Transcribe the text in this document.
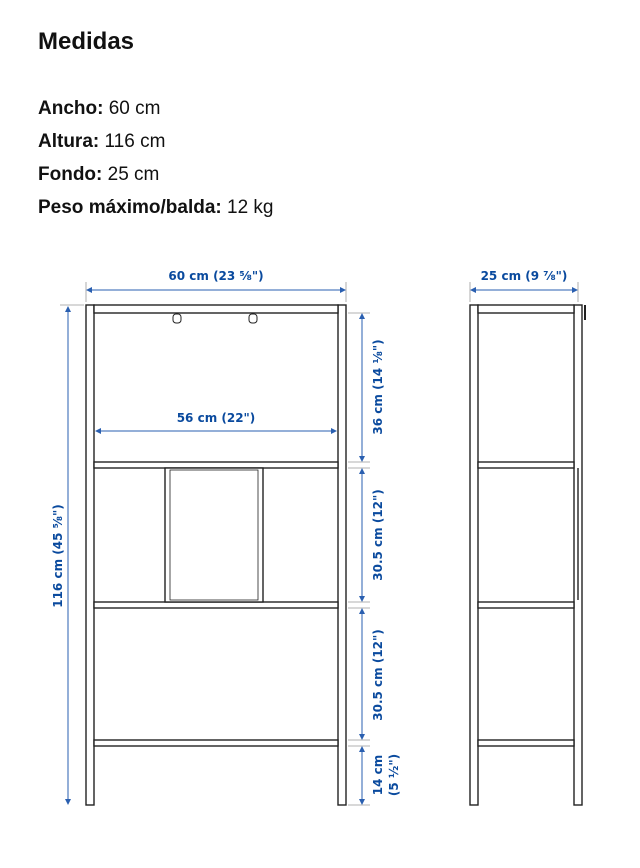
Medidas
Ancho: 60 cm
Altura: 116 cm
Fondo: 25 cm
Peso máximo/balda: 12 kg
60 cm (23 ⅝")
56 cm (22")
116 cm (45 ⅝")
36 cm (14 ⅛")
30.5 cm (12")
30.5 cm (12")
14 cm (5 ½")
25 cm (9 ⅞")
